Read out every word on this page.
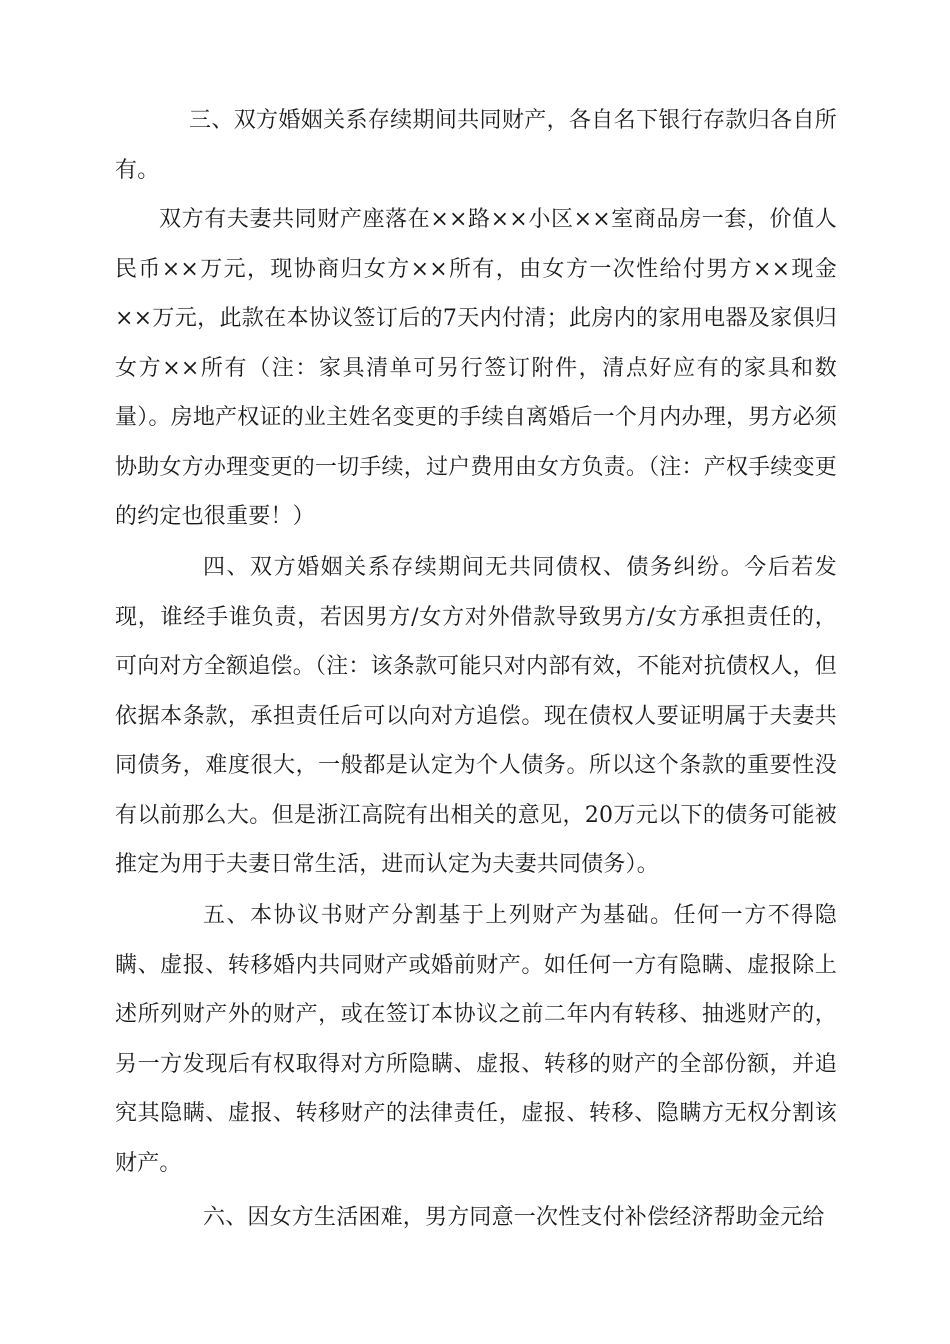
三、双方婚姻关系存续期间共同财产，各自名下银行存款归各自所有。

双方有夫妻共同财产座落在××路××小区××室商品房一套，价值人民币××万元，现协商归女方××所有，由女方一次性给付男方××现金××万元，此款在本协议签订后的7天内付清；此房内的家用电器及家俱归女方××所有（注：家具清单可另行签订附件，清点好应有的家具和数量）。房地产权证的业主姓名变更的手续自离婚后一个月内办理，男方必须协助女方办理变更的一切手续，过户费用由女方负责。（注：产权手续变更的约定也很重要！）

四、双方婚姻关系存续期间无共同债权、债务纠纷。今后若发现，谁经手谁负责，若因男方/女方对外借款导致男方/女方承担责任的，可向对方全额追偿。（注：该条款可能只对内部有效，不能对抗债权人，但依据本条款，承担责任后可以向对方追偿。现在债权人要证明属于夫妻共同债务，难度很大，一般都是认定为个人债务。所以这个条款的重要性没有以前那么大。但是浙江高院有出相关的意见，20万元以下的债务可能被推定为用于夫妻日常生活，进而认定为夫妻共同债务）。

五、本协议书财产分割基于上列财产为基础。任何一方不得隐瞒、虚报、转移婚内共同财产或婚前财产。如任何一方有隐瞒、虚报除上述所列财产外的财产，或在签订本协议之前二年内有转移、抽逃财产的，另一方发现后有权取得对方所隐瞒、虚报、转移的财产的全部份额，并追究其隐瞒、虚报、转移财产的法律责任，虚报、转移、隐瞒方无权分割该财产。

六、因女方生活困难，男方同意一次性支付补偿经济帮助金元给
